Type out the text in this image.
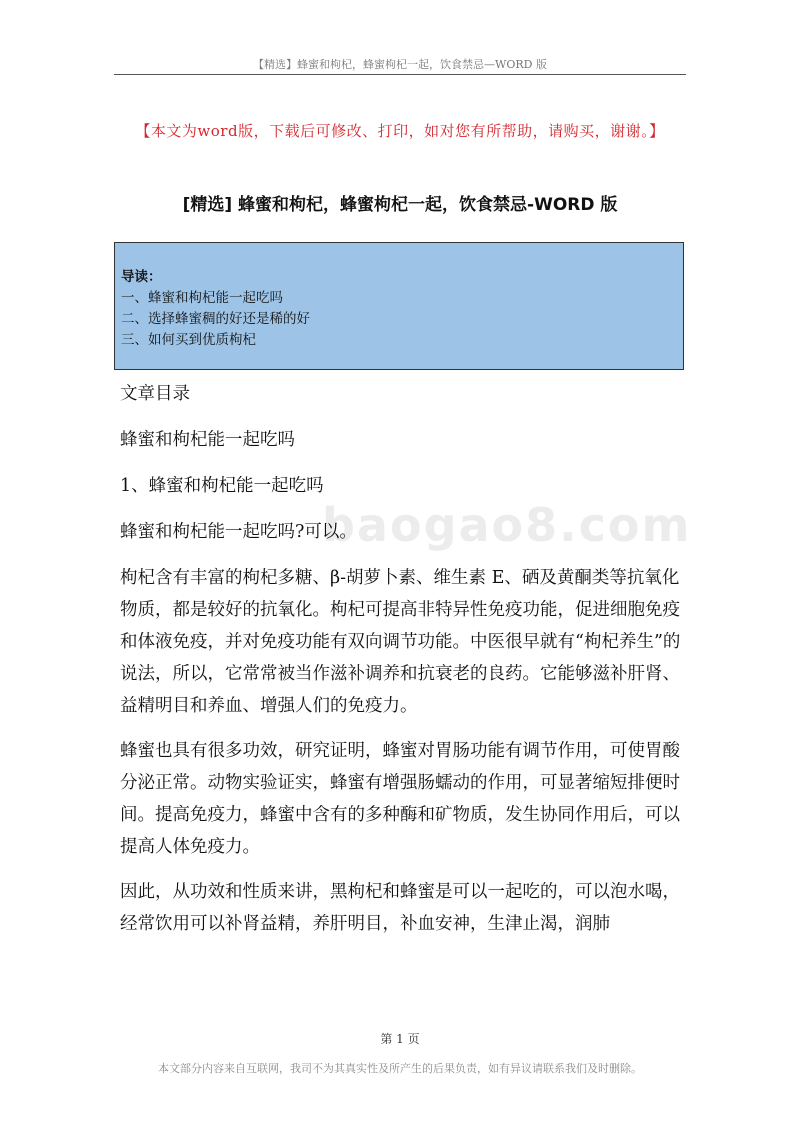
【精选】蜂蜜和枸杞，蜂蜜枸杞一起，饮食禁忌—WORD 版
【本文为word版，下载后可修改、打印，如对您有所帮助，请购买，谢谢。】
[精选] 蜂蜜和枸杞，蜂蜜枸杞一起，饮食禁忌-WORD 版
导读：
一、蜂蜜和枸杞能一起吃吗
二、选择蜂蜜稠的好还是稀的好
三、如何买到优质枸杞
baogao8.com

文章目录

蜂蜜和枸杞能一起吃吗

1、蜂蜜和枸杞能一起吃吗

蜂蜜和枸杞能一起吃吗?可以。

枸杞含有丰富的枸杞多糖、β-胡萝卜素、维生素 E、硒及黄酮类等抗氧化物质，都是较好的抗氧化。枸杞可提高非特异性免疫功能，促进细胞免疫和体液免疫，并对免疫功能有双向调节功能。中医很早就有“枸杞养生”的说法，所以，它常常被当作滋补调养和抗衰老的良药。它能够滋补肝肾、益精明目和养血、增强人们的免疫力。

蜂蜜也具有很多功效，研究证明，蜂蜜对胃肠功能有调节作用，可使胃酸分泌正常。动物实验证实，蜂蜜有增强肠蠕动的作用，可显著缩短排便时间。提高免疫力，蜂蜜中含有的多种酶和矿物质，发生协同作用后，可以提高人体免疫力。

因此，从功效和性质来讲，黑枸杞和蜂蜜是可以一起吃的，可以泡水喝，经常饮用可以补肾益精，养肝明目，补血安神，生津止渴，润肺

第 1 页
本文部分内容来自互联网，我司不为其真实性及所产生的后果负责，如有异议请联系我们及时删除。
